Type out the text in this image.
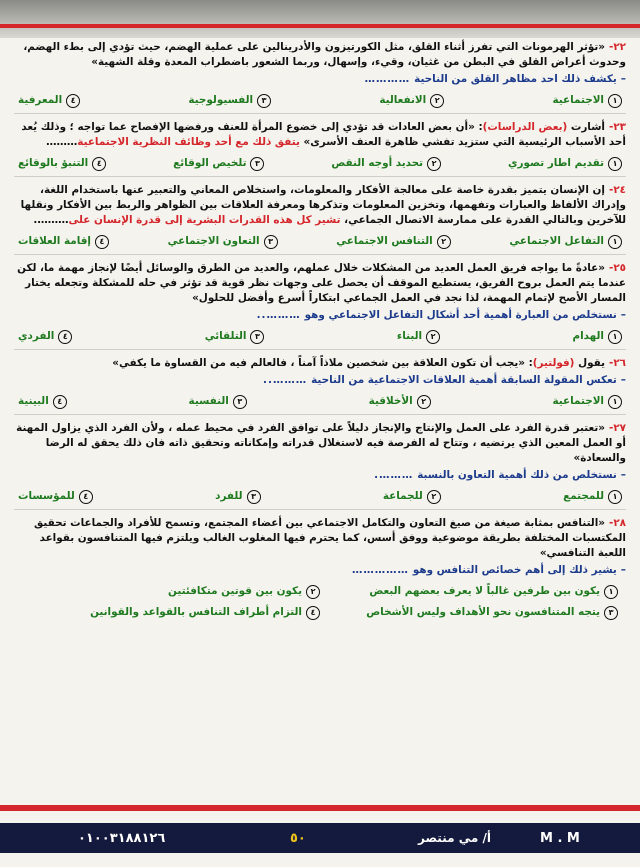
٢٢-«تؤثر الهرمونات التي تفرز أثناء القلق، مثل الكورتيزون والأدرينالين على عملية الهضم، حيث تؤدي إلى بطء الهضم، وحدوث أعراض القلق في البطن من غثيان، وقيء، وإسهال، وربما الشعور باضطراب المعدة وقلة الشهية»
–
يكشف ذلك احد مظاهر القلق من الناحية
…………
١
الاجتماعية
٢
الانفعالية
٣
الفسيولوجية
٤
المعرفية
٢٣-أشارت (بعض الدراسات): «أن بعض العادات قد تؤدي إلى خضوع المرأة للعنف ورفضها الإفصاح عما تواجه ؛ وذلك يُعد أحد الأسباب الرئيسية التي ستزيد تفشي ظاهرة العنف الأسرى» يتفق ذلك مع أحد وظائف النظرية الاجتماعية………
١
تقديم اطار تصوري
٢
تحديد أوجه النقص
٣
تلخيص الوقائع
٤
التنبؤ بالوقائع
٢٤-إن الإنسان يتميز بقدرة خاصة على معالجة الأفكار والمعلومات، واستخلاص المعاني والتعبير عنها باستخدام اللغة، وإدراك الألفاظ والعبارات وتفهمها، وتخزين المعلومات وتذكرها ومعرفة العلاقات بين الظواهر والربط بين الأفكار ونقلها للآخرين وبالتالي القدرة على ممارسة الاتصال الجماعي، تشير كل هذه القدرات البشرية إلى قدرة الإنسان على……….
١
التفاعل الاجتماعي
٢
التنافس الاجتماعي
٣
التعاون الاجتماعي
٤
إقامة العلاقات
٢٥-«عادةً ما يواجه فريق العمل العديد من المشكلات خلال عملهم، والعديد من الطرق والوسائل أيضًا لإنجاز مهمة ما، لكن عندما يتم العمل بروح الفريق، يستطيع الموقف أن يحصل على وجهات نظر قوية قد تؤثر في حله للمشكلة وتجعله يختار المسار الأصح لإتمام المهمة، لذا نجد في العمل الجماعي ابتكاراً أسرع وأفضل للحلول»
–
نستخلص من العبارة أهمية أحد أشكال التفاعل الاجتماعي وهو
………..
١
الهدام
٢
البناء
٣
التلقائي
٤
الفردي
٢٦-يقول (فولتير): «يجب أن تكون العلاقة بين شخصين ملاذاً آمناً ، فالعالم فيه من القساوة ما يكفي»
–
تعكس المقولة السابقة أهمية العلاقات الاجتماعية من الناحية
………..
١
الاجتماعية
٢
الأخلاقية
٣
النفسية
٤
البينية
٢٧-«تعتبر قدرة الفرد على العمل والإنتاج والإنجاز دليلاً على توافق الفرد في محيط عمله ، ولأن الفرد الذي يزاول المهنة أو العمل المعين الذي يرتضيه ، وتتاح له الفرصة فيه لاستغلال قدراته وإمكاناته وتحقيق ذاته فان ذلك يحقق له الرضا والسعادة»
–
نستخلص من ذلك أهمية التعاون بالنسبة
……….
١
للمجتمع
٢
للجماعة
٣
للفرد
٤
للمؤسسات
٢٨-«التنافس بمثابة صيغة من صيغ التعاون والتكامل الاجتماعي بين أعضاء المجتمع، وتسمح للأفراد والجماعات تحقيق المكتسبات المختلفة بطريقة موضوعية ووفق أسس، كما يحترم فيها المغلوب الغالب ويلتزم فيها المتنافسون بقواعد اللعبة التنافسي»
–
يشير ذلك إلى أهم خصائص التنافس وهو
……………
١
يكون بين طرفين غالباً لا يعرف بعضهم البعض
٢
يكون بين قوتين متكافئتين
٣
يتجه المتنافسون نحو الأهداف وليس الأشخاص
٤
التزام أطراف التنافس بالقواعد والقوانين
٠١٠٠٣١٨٨١٢٦	٥٠	أ/ مي منتصر	M . M
